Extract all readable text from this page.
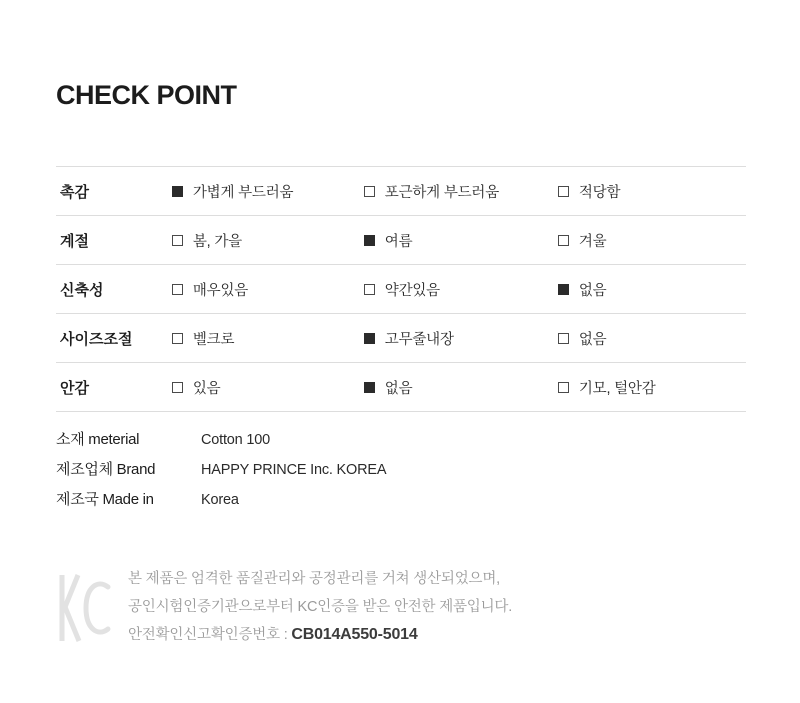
CHECK POINT
촉감	가볍게 부드러움	포근하게 부드러움	적당함

계절	봄, 가을	여름	겨울

신축성	매우있음	약간있음	없음

사이즈조절	벨크로	고무줄내장	없음

안감	있음	없음	기모, 털안감
소재 meterial	Cotton 100
제조업체 Brand	HAPPY PRINCE Inc. KOREA
제조국 Made in	Korea
본 제품은 엄격한 품질관리와 공정관리를 거쳐 생산되었으며,
공인시험인증기관으로부터 KC인증을 받은 안전한 제품입니다.
안전확인신고확인증번호 : CB014A550-5014
